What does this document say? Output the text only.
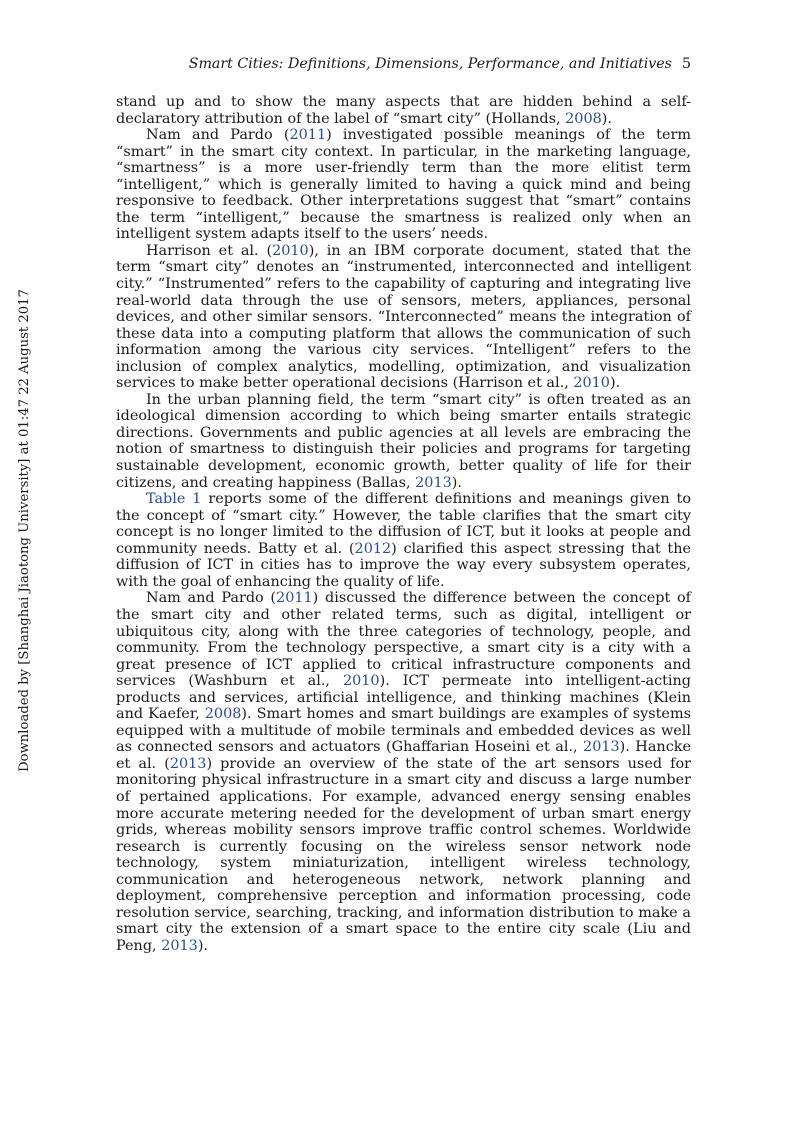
Smart Cities: Definitions, Dimensions, Performance, and Initiatives 5
Downloaded by [Shanghai Jiaotong University] at 01:47 22 August 2017

stand up and to show the many aspects that are hidden behind a self-declaratory attribution of the label of “smart city” (Hollands, 2008).

Nam and Pardo (2011) investigated possible meanings of the term “smart” in the smart city context. In particular, in the marketing language, “smartness” is a more user-friendly term than the more elitist term “intelligent,” which is generally limited to having a quick mind and being responsive to feedback. Other interpretations suggest that “smart” contains the term “intelligent,” because the smartness is realized only when an intelligent system adapts itself to the users’ needs.

Harrison et al. (2010), in an IBM corporate document, stated that the term “smart city” denotes an “instrumented, interconnected and intelligent city.” “Instrumented” refers to the capability of capturing and integrating live real-world data through the use of sensors, meters, appliances, personal devices, and other similar sensors. “Interconnected” means the integration of these data into a computing platform that allows the communication of such information among the various city services. “Intelligent” refers to the inclusion of complex analytics, modelling, optimization, and visualization services to make better operational decisions (Harrison et al., 2010).

In the urban planning field, the term “smart city” is often treated as an ideological dimension according to which being smarter entails strategic directions. Governments and public agencies at all levels are embracing the notion of smartness to distinguish their policies and programs for targeting sustainable development, economic growth, better quality of life for their citizens, and creating happiness (Ballas, 2013).

Table 1 reports some of the different definitions and meanings given to the concept of “smart city.” However, the table clarifies that the smart city concept is no longer limited to the diffusion of ICT, but it looks at people and community needs. Batty et al. (2012) clarified this aspect stressing that the diffusion of ICT in cities has to improve the way every subsystem operates, with the goal of enhancing the quality of life.

Nam and Pardo (2011) discussed the difference between the concept of the smart city and other related terms, such as digital, intelligent or ubiquitous city, along with the three categories of technology, people, and community. From the technology perspective, a smart city is a city with a great presence of ICT applied to critical infrastructure components and services (Washburn et al., 2010). ICT permeate into intelligent-acting products and services, artificial intelligence, and thinking machines (Klein and Kaefer, 2008). Smart homes and smart buildings are examples of systems equipped with a multitude of mobile terminals and embedded devices as well as connected sensors and actuators (Ghaffarian Hoseini et al., 2013). Hancke et al. (2013) provide an overview of the state of the art sensors used for monitoring physical infrastructure in a smart city and discuss a large number of pertained applications. For example, advanced energy sensing enables more accurate metering needed for the development of urban smart energy grids, whereas mobility sensors improve traffic control schemes. Worldwide research is currently focusing on the wireless sensor network node technology, system miniaturization, intelligent wireless technology, communication and heterogeneous network, network planning and deployment, comprehensive perception and information processing, code resolution service, searching, tracking, and information distribution to make a smart city the extension of a smart space to the entire city scale (Liu and Peng, 2013).
